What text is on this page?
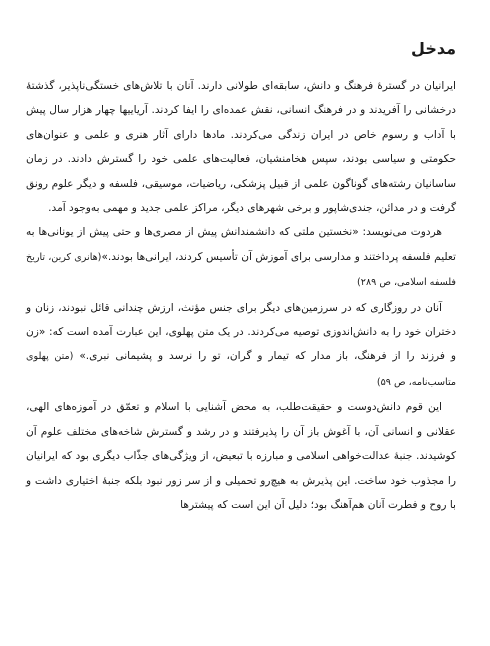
مدخل

ایرانیان در گسترهٔ فرهنگ و دانش، سابقه‌ای طولانی دارند. آنان با تلاش‌های خستگی‌ناپذیر، گذشتهٔ درخشانی را آفریدند و در فرهنگ انسانی، نقش عمده‌ای را ایفا کردند. آریاییها چهار هزار سال پیش با آداب و رسوم خاص در ایران زندگی می‌کردند. مادها دارای آثار هنری و علمی و عنوان‌های حکومتی و سیاسی بودند، سپس هخامنشیان، فعالیت‌های علمی خود را گسترش دادند. در زمان ساسانیان رشته‌های گوناگون علمی از قبیل پزشکی، ریاضیات، موسیقی، فلسفه و دیگر علوم رونق گرفت و در مدائن، جندی‌شاپور و برخی شهرهای دیگر، مراکز علمی جدید و مهمی به‌وجود آمد.

هردوت می‌نویسد: «نخستین ملتی که دانشمندانش پیش از مصری‌ها و حتی پیش از یونانی‌ها به تعلیم فلسفه پرداختند و مدارسی برای آموزش آن تأسیس کردند، ایرانی‌ها بودند.»(هانری کربن، تاریخ فلسفه اسلامی، ص ۲۸۹)

آنان در روزگاری که در سرزمین‌های دیگر برای جنس مؤنث، ارزش چندانی قائل نبودند، زنان و دختران خود را به دانش‌اندوزی توصیه می‌کردند. در یک متن پهلوی، این عبارت آمده است که: «زن و فرزند را از فرهنگ، باز مدار که تیمار و گران، تو را نرسد و پشیمانی نبری.» (متن پهلوی متاسب‌نامه، ص ۵۹)

این قوم دانش‌دوست و حقیقت‌طلب، به محض آشنایی با اسلام و تعمّق در آموزه‌های الهی، عقلانی و انسانی آن، با آغوش باز آن را پذیرفتند و در رشد و گسترش شاخه‌های مختلف علوم آن کوشیدند. جنبهٔ عدالت‌خواهی اسلامی و مبارزه با تبعیض، از ویژگی‌های جذّاب دیگری بود که ایرانیان را مجذوب خود ساخت. این پذیرش به هیچ‌رو تحمیلی و از سر زور نبود بلکه جنبهٔ اختیاری داشت و با روح و فطرت آنان هم‌آهنگ بود؛ دلیل آن این است که پیشترها
